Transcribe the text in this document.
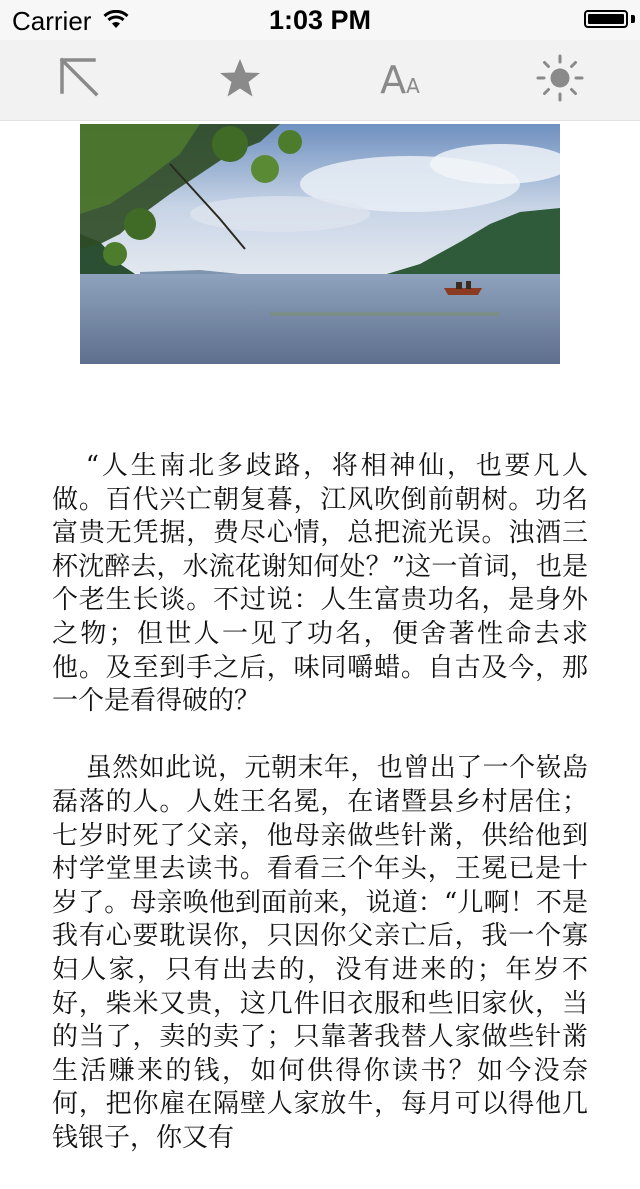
Carrier	1:03 PM
AA

“人生南北多歧路，将相神仙，也要凡人做。百代兴亡朝复暮，江风吹倒前朝树。功名富贵无凭据，费尽心情，总把流光误。浊酒三杯沈醉去，水流花谢知何处？”这一首词，也是个老生长谈。不过说：人生富贵功名，是身外之物；但世人一见了功名，便舍著性命去求他。及至到手之后，味同嚼蜡。自古及今，那一个是看得破的？

虽然如此说，元朝末年，也曾出了一个嵚𡷊磊落的人。人姓王名冕，在诸暨县乡村居住；七岁时死了父亲，他母亲做些针黹，供给他到村学堂里去读书。看看三个年头，王冕已是十岁了。母亲唤他到面前来，说道：“儿啊！不是我有心要耽误你，只因你父亲亡后，我一个寡妇人家，只有出去的，没有进来的；年岁不好，柴米又贵，这几件旧衣服和些旧家伙，当的当了，卖的卖了；只靠著我替人家做些针黹生活赚来的钱，如何供得你读书？如今没奈何，把你雇在隔壁人家放牛，每月可以得他几钱银子，你又有
